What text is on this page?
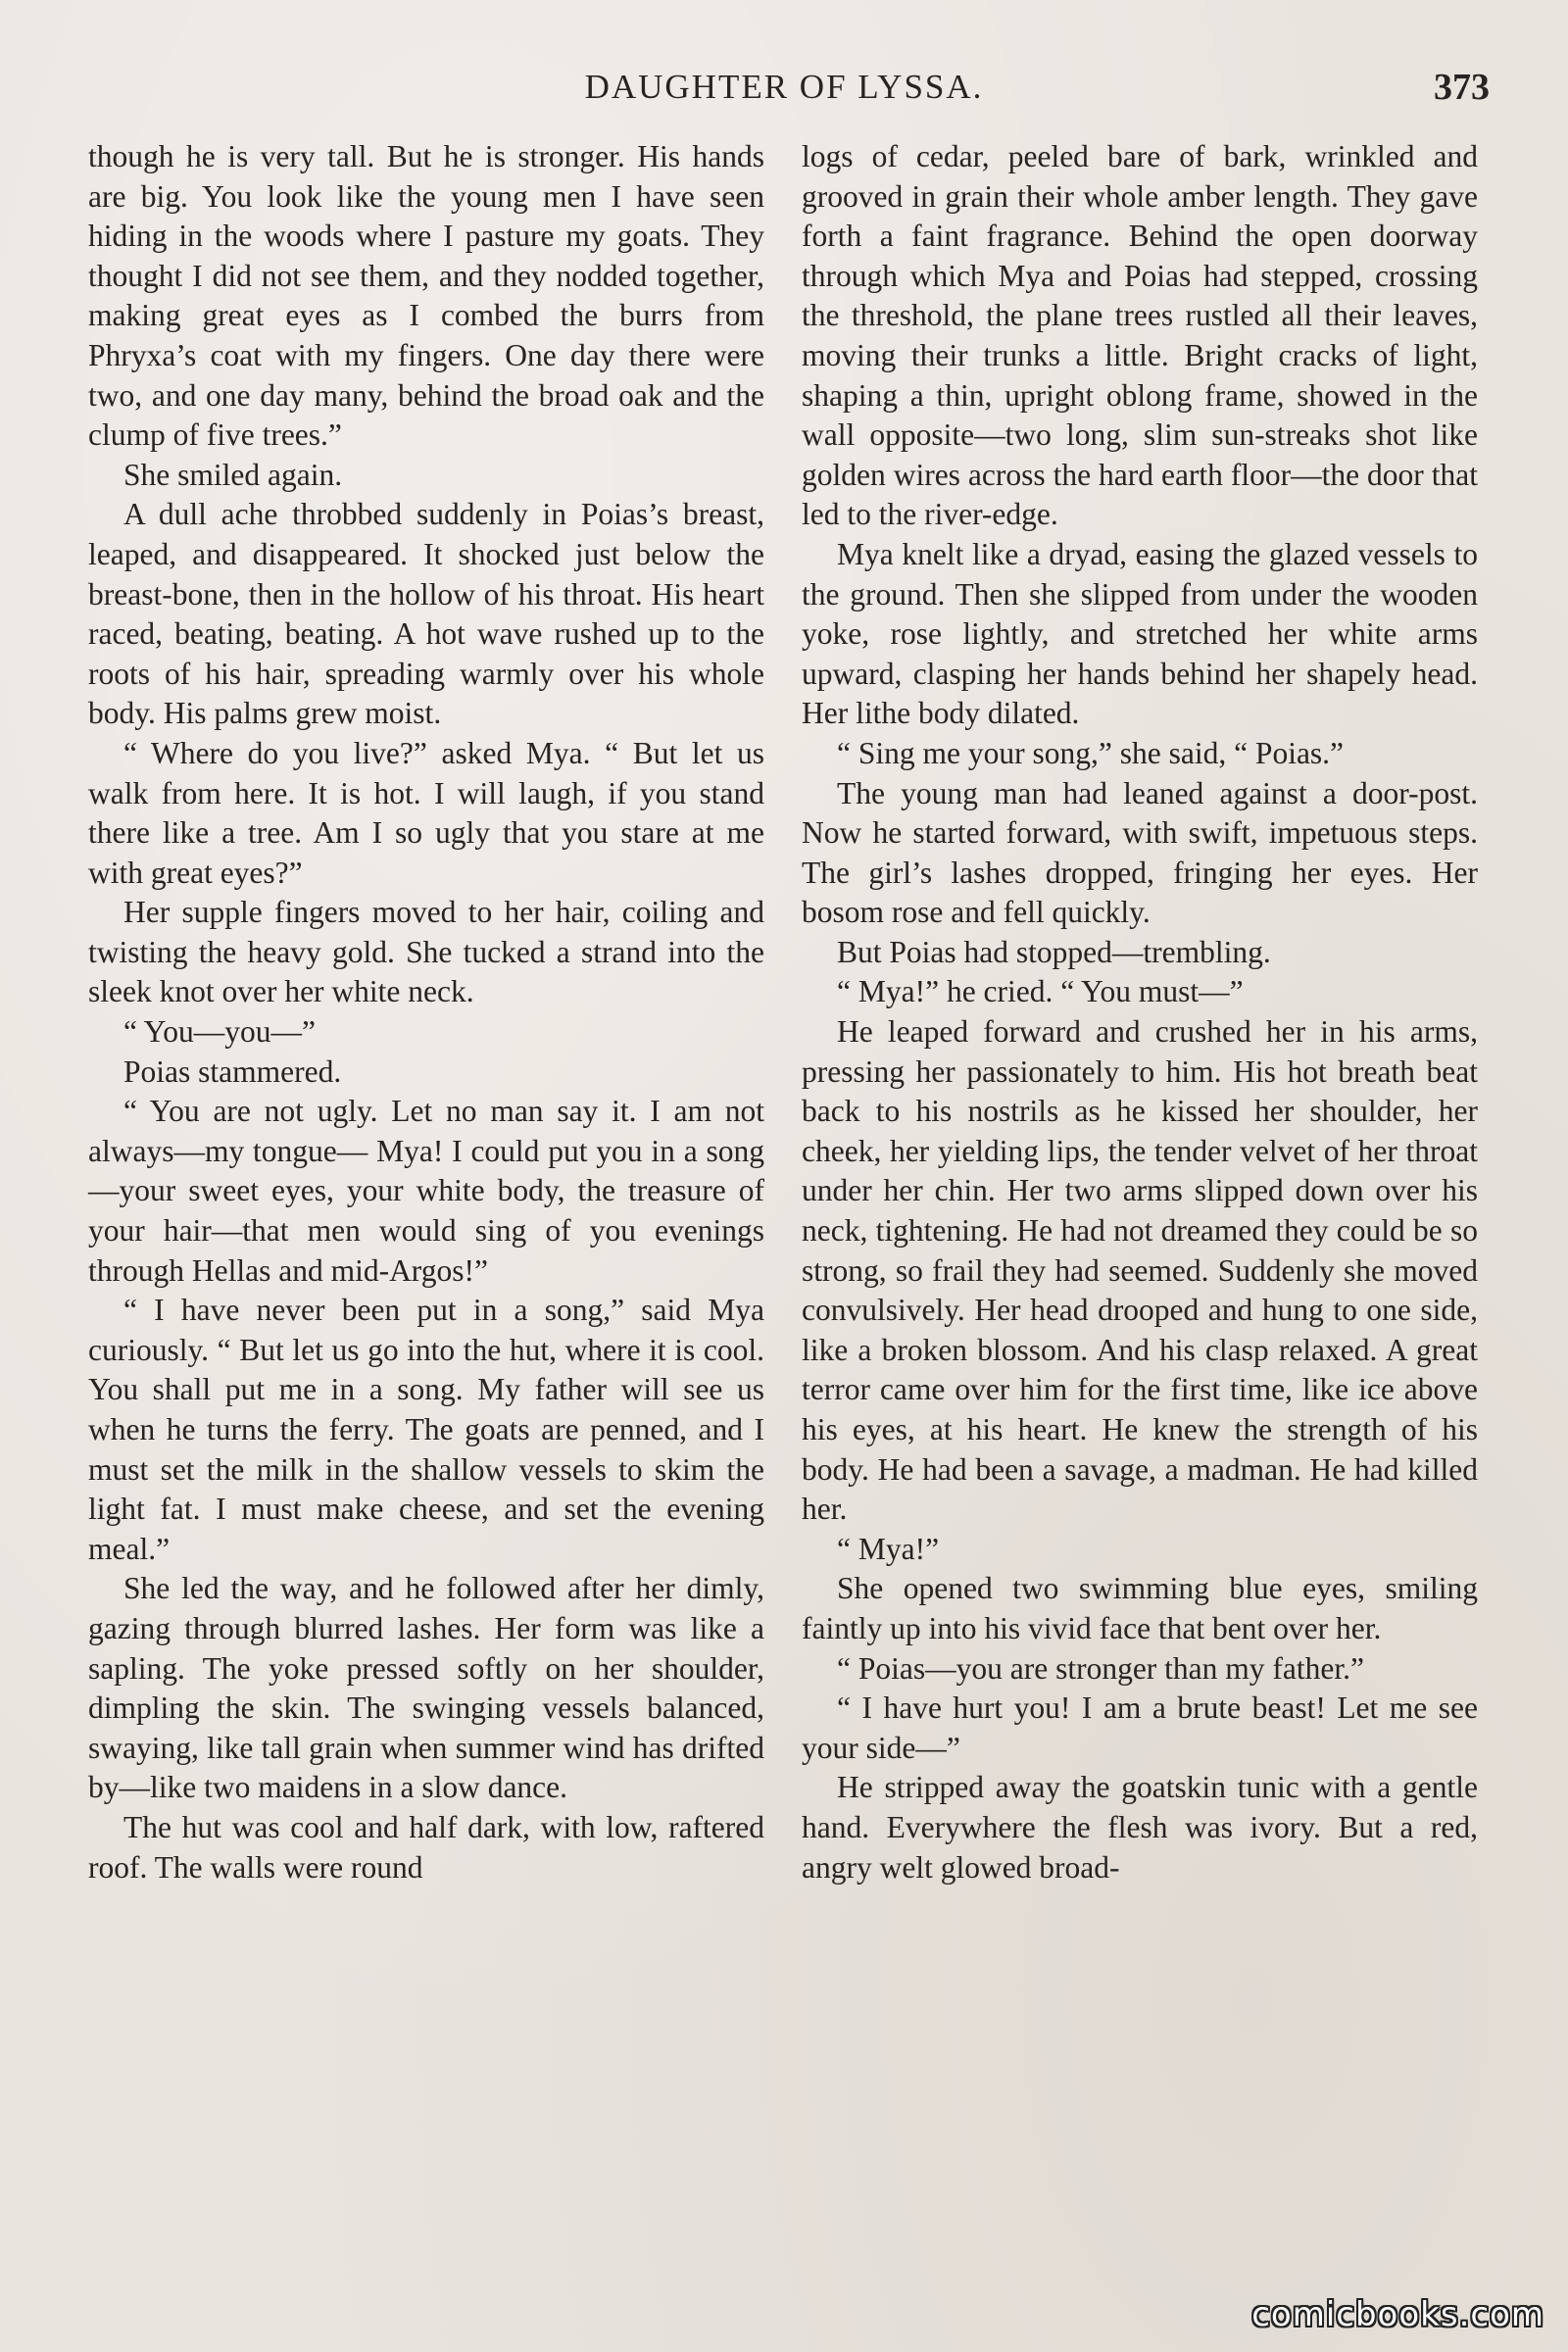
DAUGHTER OF LYSSA.	373

though he is very tall. But he is stronger. His hands are big. You look like the young men I have seen hiding in the woods where I pasture my goats. They thought I did not see them, and they nodded together, making great eyes as I combed the burrs from Phryxa’s coat with my fingers. One day there were two, and one day many, behind the broad oak and the clump of five trees.”

She smiled again.

A dull ache throbbed suddenly in Poias’s breast, leaped, and disappeared. It shocked just below the breast-bone, then in the hollow of his throat. His heart raced, beating, beating. A hot wave rushed up to the roots of his hair, spreading warmly over his whole body. His palms grew moist.

“ Where do you live?” asked Mya. “ But let us walk from here. It is hot. I will laugh, if you stand there like a tree. Am I so ugly that you stare at me with great eyes?”

Her supple fingers moved to her hair, coiling and twisting the heavy gold. She tucked a strand into the sleek knot over her white neck.

“ You—you—”

Poias stammered.

“ You are not ugly. Let no man say it. I am not always—my tongue— Mya! I could put you in a song—your sweet eyes, your white body, the treasure of your hair—that men would sing of you evenings through Hellas and mid-Argos!”

“ I have never been put in a song,” said Mya curiously. “ But let us go into the hut, where it is cool. You shall put me in a song. My father will see us when he turns the ferry. The goats are penned, and I must set the milk in the shallow vessels to skim the light fat. I must make cheese, and set the evening meal.”

She led the way, and he followed after her dimly, gazing through blurred lashes. Her form was like a sapling. The yoke pressed softly on her shoulder, dimpling the skin. The swinging vessels balanced, swaying, like tall grain when summer wind has drifted by—like two maidens in a slow dance.

The hut was cool and half dark, with low, raftered roof. The walls were round

logs of cedar, peeled bare of bark, wrinkled and grooved in grain their whole amber length. They gave forth a faint fragrance. Behind the open doorway through which Mya and Poias had stepped, crossing the threshold, the plane trees rustled all their leaves, moving their trunks a little. Bright cracks of light, shaping a thin, upright oblong frame, showed in the wall opposite—two long, slim sun-streaks shot like golden wires across the hard earth floor—the door that led to the river-edge.

Mya knelt like a dryad, easing the glazed vessels to the ground. Then she slipped from under the wooden yoke, rose lightly, and stretched her white arms upward, clasping her hands behind her shapely head. Her lithe body dilated.

“ Sing me your song,” she said, “ Poias.”

The young man had leaned against a door-post. Now he started forward, with swift, impetuous steps. The girl’s lashes dropped, fringing her eyes. Her bosom rose and fell quickly.

But Poias had stopped—trembling.

“ Mya!” he cried. “ You must—”

He leaped forward and crushed her in his arms, pressing her passionately to him. His hot breath beat back to his nostrils as he kissed her shoulder, her cheek, her yielding lips, the tender velvet of her throat under her chin. Her two arms slipped down over his neck, tightening. He had not dreamed they could be so strong, so frail they had seemed. Suddenly she moved convulsively. Her head drooped and hung to one side, like a broken blossom. And his clasp relaxed. A great terror came over him for the first time, like ice above his eyes, at his heart. He knew the strength of his body. He had been a savage, a madman. He had killed her.

“ Mya!”

She opened two swimming blue eyes, smiling faintly up into his vivid face that bent over her.

“ Poias—you are stronger than my father.”

“ I have hurt you! I am a brute beast! Let me see your side—”

He stripped away the goatskin tunic with a gentle hand. Everywhere the flesh was ivory. But a red, angry welt glowed broad-

comicbooks.com
